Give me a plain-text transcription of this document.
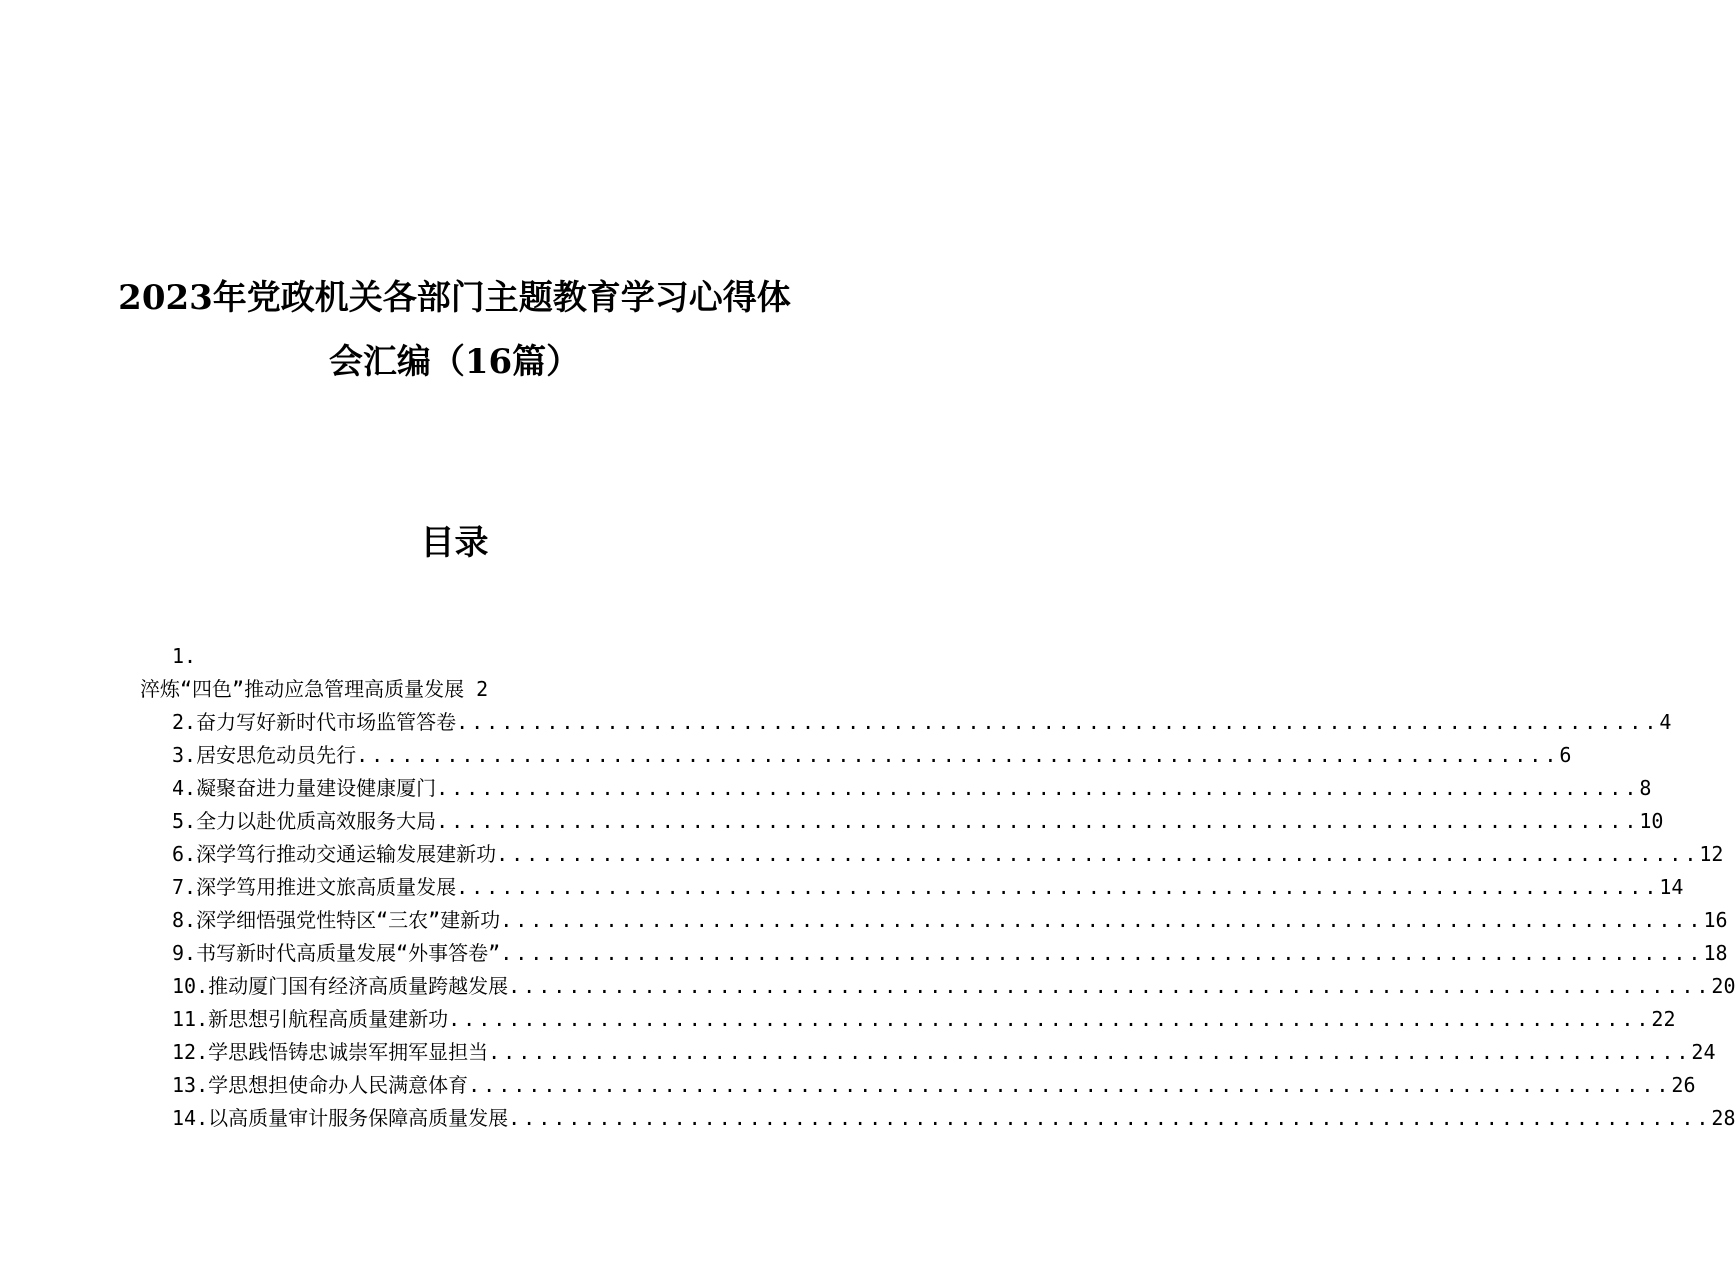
2023年党政机关各部门主题教育学习心得体
会汇编（16篇）
目录
1.
淬炼“四色”推动应急管理高质量发展 2
2. 奋力写好新时代市场监管答卷 ................................................................................ 4
3. 居安思危动员先行 ................................................................................ 6
4. 凝聚奋进力量建设健康厦门 ................................................................................ 8
5. 全力以赴优质高效服务大局 ................................................................................ 10
6. 深学笃行推动交通运输发展建新功 ................................................................................ 12
7. 深学笃用推进文旅高质量发展 ................................................................................ 14
8. 深学细悟强党性特区“三农”建新功 ................................................................................ 16
9. 书写新时代高质量发展“外事答卷” ................................................................................ 18
10. 推动厦门国有经济高质量跨越发展 ................................................................................ 20
11. 新思想引航程高质量建新功 ................................................................................ 22
12. 学思践悟铸忠诚崇军拥军显担当 ................................................................................ 24
13. 学思想担使命办人民满意体育 ................................................................................ 26
14. 以高质量审计服务保障高质量发展 ................................................................................ 28
